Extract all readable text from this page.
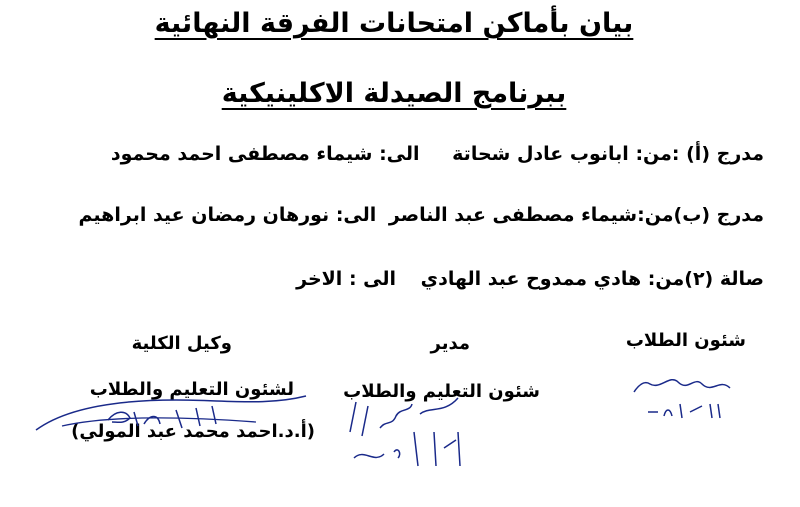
بيان بأماكن امتحانات الفرقة النهائية
ببرنامج الصيدلة الاكلينيكية
مدرج (أ) :من: ابانوب عادل شحاتة الى: شيماء مصطفى احمد محمود
مدرج (ب)من:شيماء مصطفى عبد الناصر الى: نورهان رمضان عيد ابراهيم
صالة (٢)من: هادي ممدوح عبد الهادي الى : الاخر
شئون الطلاب
مدير
شئون التعليم والطلاب
وكيل الكلية
لشئون التعليم والطلاب
(أ.د.احمد محمد عبد المولي)
